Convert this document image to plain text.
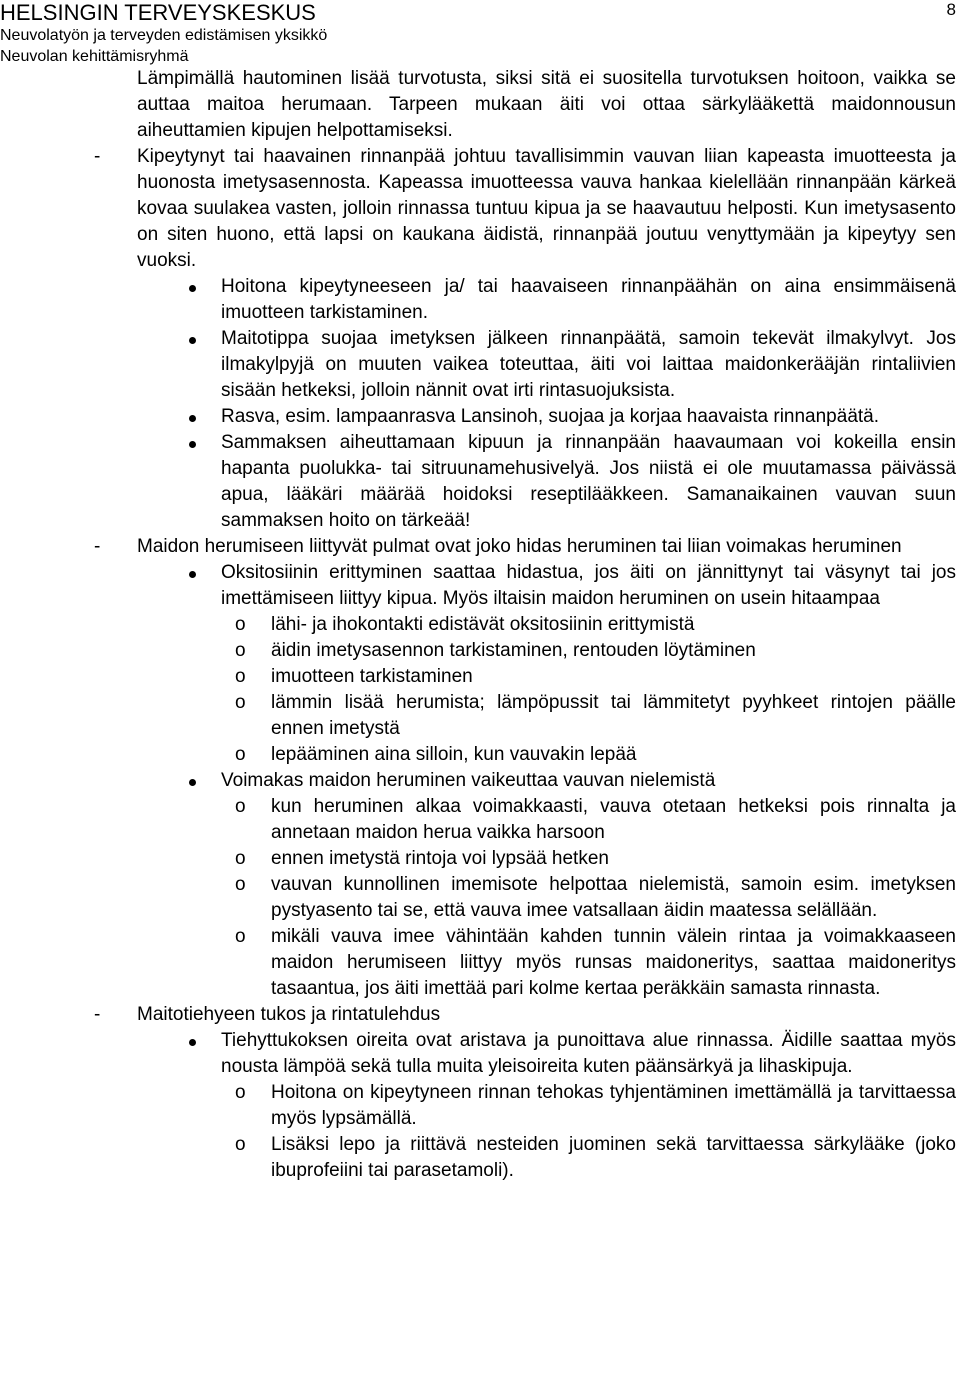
HELSINGIN TERVEYSKESKUS
Neuvolatyön ja terveyden edistämisen yksikkö
Neuvolan kehittämisryhmä
8
Lämpimällä hautominen lisää turvotusta, siksi sitä ei suositella turvotuksen hoitoon, vaikka se auttaa maitoa herumaan. Tarpeen mukaan äiti voi ottaa särkylääkettä maidonnousun aiheuttamien kipujen helpottamiseksi.
-	Kipeytynyt tai haavainen rinnanpää johtuu tavallisimmin vauvan liian kapeasta imuotteesta ja huonosta imetysasennosta. Kapeassa imuotteessa vauva hankaa kielellään rinnanpään kärkeä kovaa suulakea vasten, jolloin rinnassa tuntuu kipua ja se haavautuu helposti. Kun imetysasento on siten huono, että lapsi on kaukana äidistä, rinnanpää joutuu venyttymään ja kipeytyy sen vuoksi.
Hoitona kipeytyneeseen ja/ tai haavaiseen rinnanpäähän on aina ensimmäisenä imuotteen tarkistaminen.
Maitotippa suojaa imetyksen jälkeen rinnanpäätä, samoin tekevät ilmakylvyt. Jos ilmakylpyjä on muuten vaikea toteuttaa, äiti voi laittaa maidonkerääjän rintaliivien sisään hetkeksi, jolloin nännit ovat irti rintasuojuksista.
Rasva, esim. lampaanrasva Lansinoh, suojaa ja korjaa haavaista rinnanpäätä.
Sammaksen aiheuttamaan kipuun ja rinnanpään haavaumaan voi kokeilla ensin hapanta puolukka- tai sitruunamehusivelyä. Jos niistä ei ole muutamassa päivässä apua, lääkäri määrää hoidoksi reseptilääkkeen. Samanaikainen vauvan suun sammaksen hoito on tärkeää!
-	Maidon herumiseen liittyvät pulmat ovat joko hidas heruminen tai liian voimakas heruminen
Oksitosiinin erittyminen saattaa hidastua, jos äiti on jännittynyt tai väsynyt tai jos imettämiseen liittyy kipua. Myös iltaisin maidon heruminen on usein hitaampaa
o	lähi- ja ihokontakti edistävät oksitosiinin erittymistä
o	äidin imetysasennon tarkistaminen, rentouden löytäminen
o	imuotteen tarkistaminen
o	lämmin lisää herumista; lämpöpussit tai lämmitetyt pyyhkeet rintojen päälle ennen imetystä
o	lepääminen aina silloin, kun vauvakin lepää
Voimakas maidon heruminen vaikeuttaa vauvan nielemistä
o	kun heruminen alkaa voimakkaasti, vauva otetaan hetkeksi pois rinnalta ja annetaan maidon herua vaikka harsoon
o	ennen imetystä rintoja voi lypsää hetken
o	vauvan kunnollinen imemisote helpottaa nielemistä, samoin esim. imetyksen pystyasento tai se, että vauva imee vatsallaan äidin maatessa selällään.
o	mikäli vauva imee vähintään kahden tunnin välein rintaa ja voimakkaaseen maidon herumiseen liittyy myös runsas maidoneritys, saattaa maidoneritys tasaantua, jos äiti imettää pari kolme kertaa peräkkäin samasta rinnasta.
-	Maitotiehyeen tukos ja rintatulehdus
Tiehyttukoksen oireita ovat aristava ja punoittava alue rinnassa. Äidille saattaa myös nousta lämpöä sekä tulla muita yleisoireita kuten päänsärkyä ja lihaskipuja.
o	Hoitona on kipeytyneen rinnan tehokas tyhjentäminen imettämällä ja tarvittaessa myös lypsämällä.
o	Lisäksi lepo ja riittävä nesteiden juominen sekä tarvittaessa särkylääke (joko ibuprofeiini tai parasetamoli).
